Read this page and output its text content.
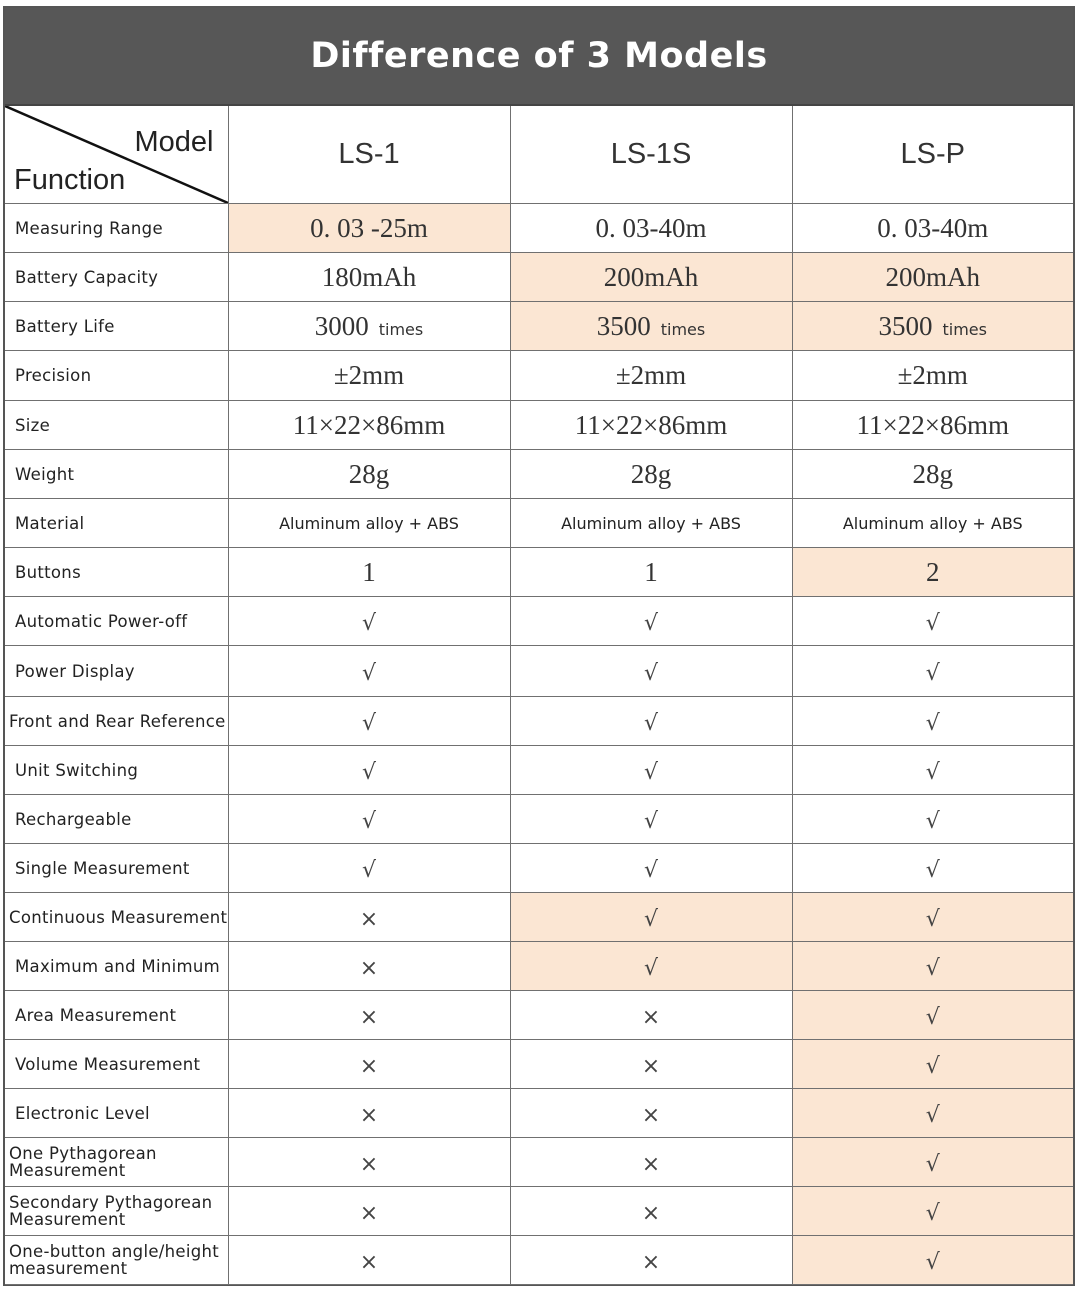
Difference of 3 Models
Model
Function	LS-1	LS-1S	LS-P
Measuring Range	0. 03 -25m	0. 03-40m	0. 03-40m
Battery Capacity	180mAh	200mAh	200mAh
Battery Life	3000 times	3500 times	3500 times
Precision	±2mm	±2mm	±2mm
Size	11×22×86mm	11×22×86mm	11×22×86mm
Weight	28g	28g	28g
Material	Aluminum alloy + ABS	Aluminum alloy + ABS	Aluminum alloy + ABS
Buttons	1	1	2
Automatic Power-off	√	√	√
Power Display	√	√	√
Front and Rear Reference	√	√	√
Unit Switching	√	√	√
Rechargeable	√	√	√
Single Measurement	√	√	√
Continuous Measurement	×	√	√
Maximum and Minimum	×	√	√
Area Measurement	×	×	√
Volume Measurement	×	×	√
Electronic Level	×	×	√
One Pythagorean Measurement	×	×	√
Secondary Pythagorean Measurement	×	×	√
One-button angle/height measurement	×	×	√
